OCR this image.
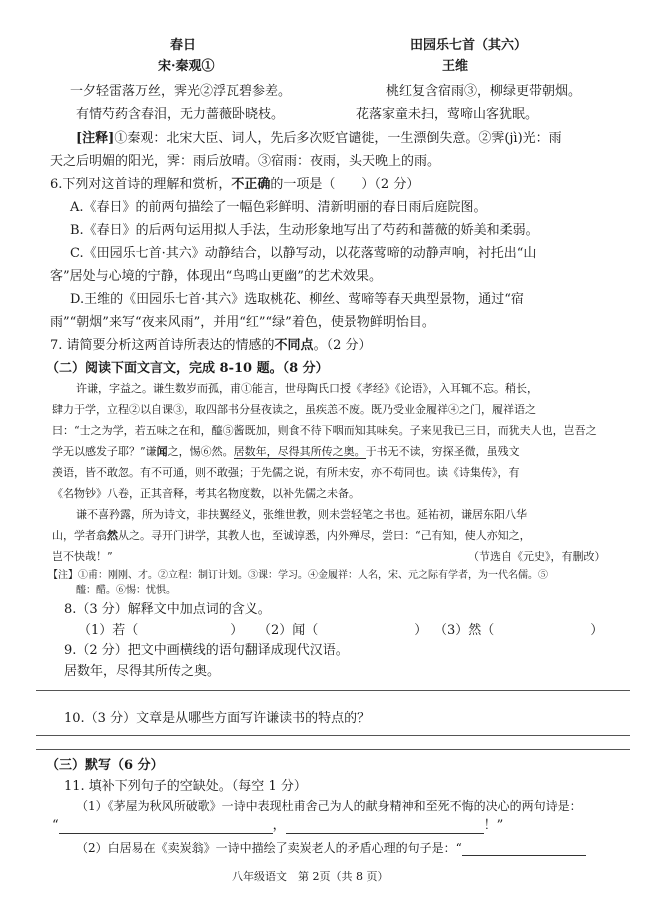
春日	田园乐七首（其六）
宋·秦观①	王维
一夕轻雷落万丝，霁光②浮瓦碧参差。	桃红复含宿雨③，柳绿更带朝烟。
有情芍药含春泪，无力蔷薇卧晓枝。	花落家童未扫，莺啼山客犹眠。
[注释]①秦观：北宋大臣、词人，先后多次贬官谴徙，一生漂倒失意。②霁(jì)光：雨
天之后明媚的阳光，霁：雨后放晴。③宿雨：夜雨，头天晚上的雨。
6.下列对这首诗的理解和赏析，不正确的一项是（　　）（2 分）
A.《春日》的前两句描绘了一幅色彩鲜明、清新明丽的春日雨后庭院图。
B.《春日》的后两句运用拟人手法，生动形象地写出了芍药和蔷薇的娇美和柔弱。
C.《田园乐七首·其六》动静结合，以静写动，以花落莺啼的动静声响，衬托出“山
客”居处与心境的宁静，体现出“鸟鸣山更幽”的艺术效果。
D.王维的《田园乐七首·其六》选取桃花、柳丝、莺啼等春天典型景物，通过“宿
雨”“朝烟”来写“夜来风雨”，并用“红”“绿”着色，使景物鲜明怡目。
7. 请简要分析这两首诗所表达的情感的不同点。（2 分）
（二）阅读下面文言文，完成 8-10 题。（8 分）
许谦，字益之。谦生数岁而孤，甫①能言，世母陶氏口授《孝经》《论语》，入耳辄不忘。稍长，
肆力于学，立程②以自课③，取四部书分昼夜读之，虽疾恙不废。既乃受业金履祥④之门，履祥语之
曰：“士之为学，若五味之在和，醯⑤酱既加，则食不待下咽而知其味矣。子来见我已三日，而犹夫人也，岂吾之
学无以感发子耶？”谦闻之，惕⑥然。居数年，尽得其所传之奥。于书无不读，穷探圣微，虽残文
羡语，皆不敢忽。有不可通，则不敢强；于先儒之说，有所未安，亦不苟同也。读《诗集传》，有
《名物钞》八卷，正其音释，考其名物度数，以补先儒之未备。
谦不喜矜露，所为诗文，非扶翼经义，张维世教，则未尝轻笔之书也。延祐初，谦居东阳八华
山，学者翕然从之。寻开门讲学，其教人也，至诚谆悉，内外殚尽，尝曰：“己有知，使人亦知之，
岂不快哉！”	（节选自《元史》，有删改）
【注】①甫：刚刚、才。②立程：制订计划。③课：学习。④金履祥：人名，宋、元之际有学者，为一代名儒。⑤
醯：醋。⑥惕：忧惧。
8.（3 分）解释文中加点词的含义。
（1）若（	） （2）闻（	） （3）然（	）
9.（2 分）把文中画横线的语句翻译成现代汉语。
居数年，尽得其所传之奥。
10.（3 分）文章是从哪些方面写许谦读书的特点的？
（三）默写（6 分）
11. 填补下列句子的空缺处。（每空 1 分）
（1）《茅屋为秋风所破歌》一诗中表现杜甫舍己为人的献身精神和至死不悔的决心的两句诗是：
“	，	！”
（2）白居易在《卖炭翁》一诗中描绘了卖炭老人的矛盾心理的句子是：“
八年级语文　第 2页（共 8 页）
